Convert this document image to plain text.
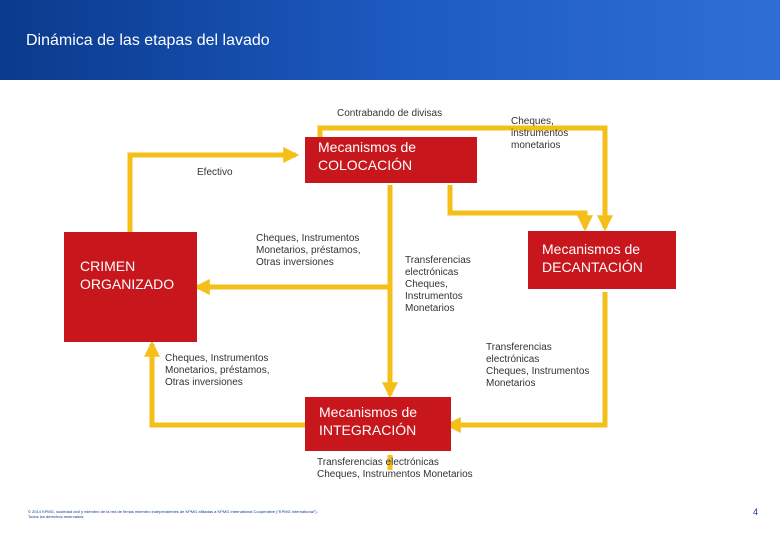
Dinámica de las etapas del lavado
Mecanismos de
COLOCACIÓN
CRIMEN
ORGANIZADO
Mecanismos de
DECANTACIÓN
Mecanismos de
INTEGRACIÓN
Contrabando de divisas
Cheques,
instrumentos
monetarios
Efectivo
Cheques, Instrumentos
Monetarios, préstamos,
Otras inversiones	Transferencias
electrónicas
Cheques,
Instrumentos
Monetarios
Cheques, Instrumentos
Monetarios, préstamos,
Otras inversiones
Transferencias
electrónicas
Cheques, Instrumentos
Monetarios
Transferencias electrónicas
Cheques, Instrumentos Monetarios
© 2014 KPMG, sociedad civil y miembro de la red de firmas miembro independientes de KPMG afiliadas a KPMG International Cooperative ("KPMG International"). Todos los derechos reservados.	4
